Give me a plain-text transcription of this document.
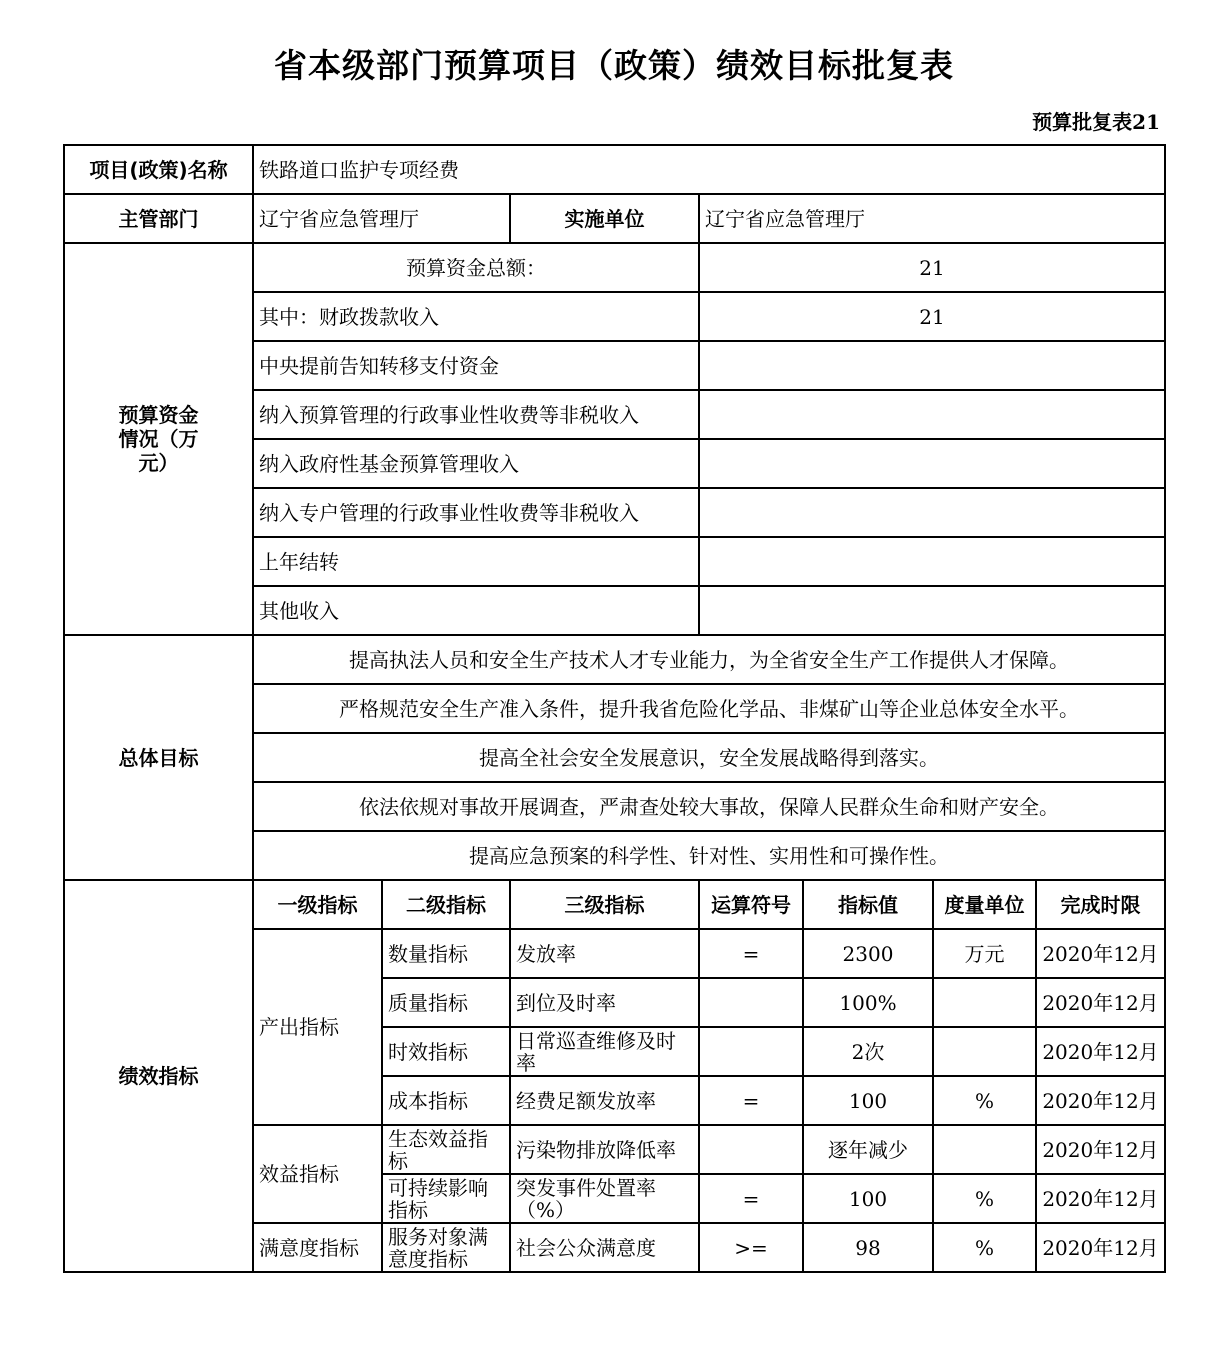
省本级部门预算项目（政策）绩效目标批复表
预算批复表21
项目(政策)名称	铁路道口监护专项经费						
主管部门	辽宁省应急管理厅		实施单位	辽宁省应急管理厅			
预算资金情况（万元）	预算资金总额：			21			
	其中：财政拨款收入			21			
	中央提前告知转移支付资金						
	纳入预算管理的行政事业性收费等非税收入						
	纳入政府性基金预算管理收入						
	纳入专户管理的行政事业性收费等非税收入						
	上年结转						
	其他收入						
总体目标	提高执法人员和安全生产技术人才专业能力，为全省安全生产工作提供人才保障。						
	严格规范安全生产准入条件，提升我省危险化学品、非煤矿山等企业总体安全水平。						
	提高全社会安全发展意识，安全发展战略得到落实。						
	依法依规对事故开展调查，严肃查处较大事故，保障人民群众生命和财产安全。						
	提高应急预案的科学性、针对性、实用性和可操作性。						
绩效指标	一级指标	二级指标	三级指标	运算符号	指标值	度量单位	完成时限
	产出指标	数量指标	发放率	=	2300	万元	2020年12月
		质量指标	到位及时率		100%		2020年12月
		时效指标	日常巡查维修及时率		2次		2020年12月
		成本指标	经费足额发放率	=	100	%	2020年12月
	效益指标	生态效益指标	污染物排放降低率		逐年减少		2020年12月
		可持续影响指标	突发事件处置率（%）	=	100	%	2020年12月
	满意度指标	服务对象满意度指标	社会公众满意度	>=	98	%	2020年12月
